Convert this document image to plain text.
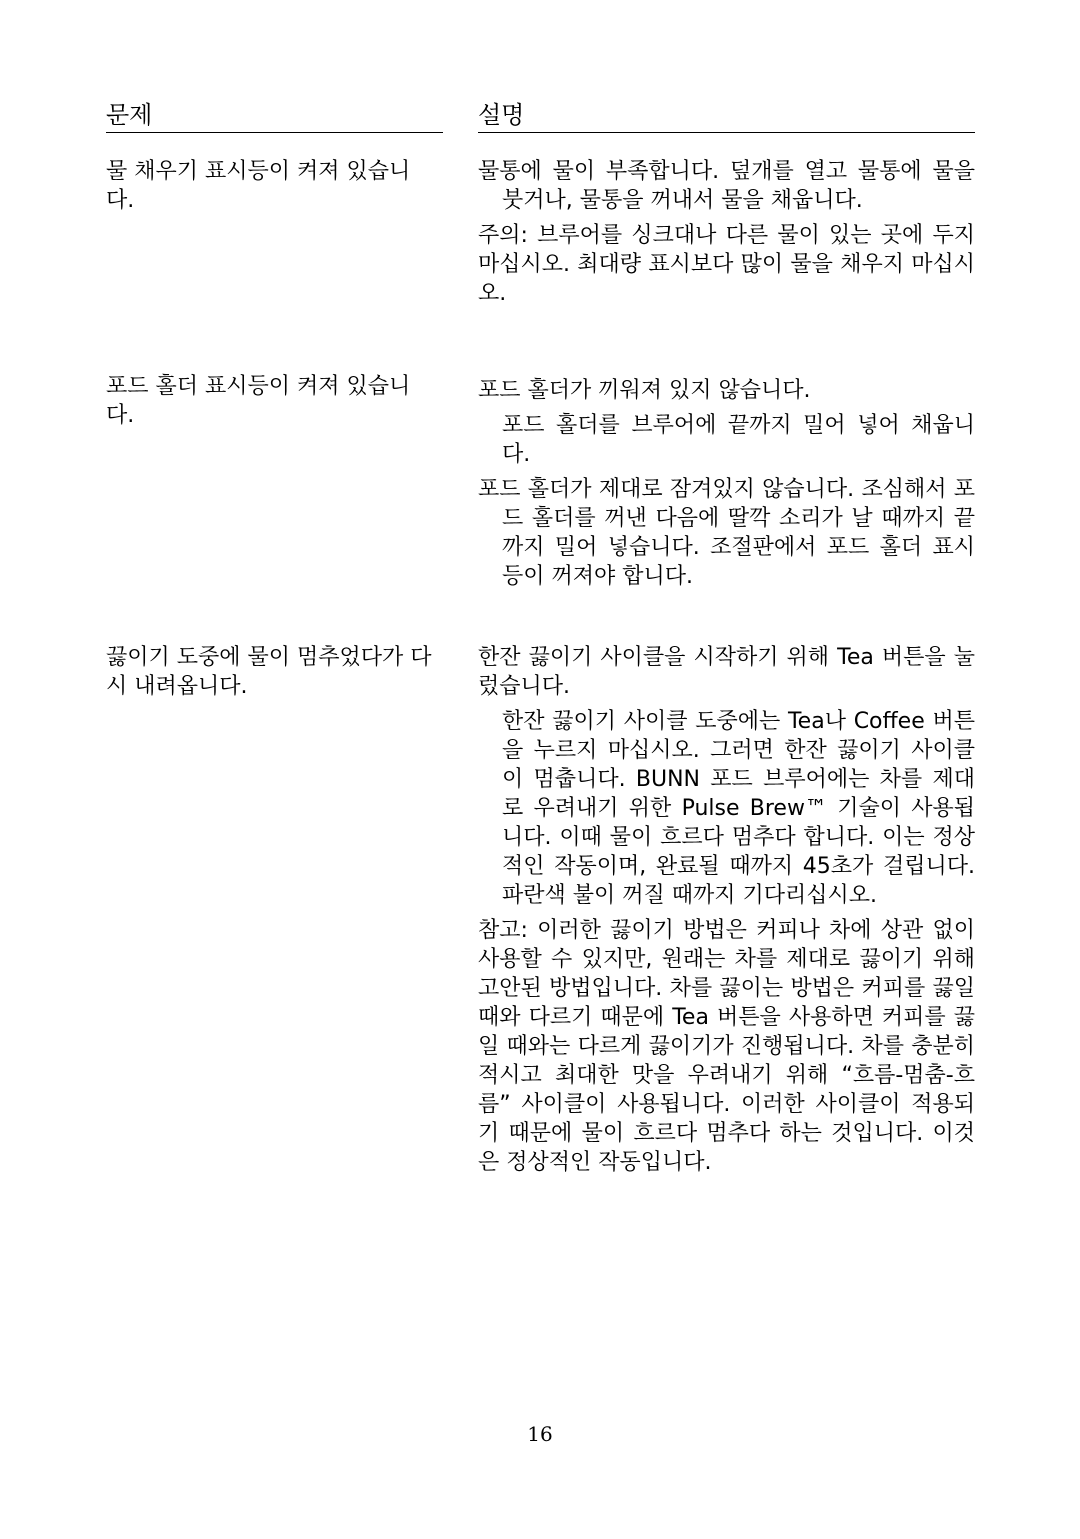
문제	설명
물 채우기 표시등이 켜져 있습니다.

물통에 물이 부족합니다. 덮개를 열고 물통에 물을 붓거나, 물통을 꺼내서 물을 채웁니다.

주의: 브루어를 싱크대나 다른 물이 있는 곳에 두지 마십시오. 최대량 표시보다 많이 물을 채우지 마십시오.

포드 홀더 표시등이 켜져 있습니다.

포드 홀더가 끼워져 있지 않습니다.

포드 홀더를 브루어에 끝까지 밀어 넣어 채웁니다.

포드 홀더가 제대로 잠겨있지 않습니다. 조심해서 포드 홀더를 꺼낸 다음에 딸깍 소리가 날 때까지 끝까지 밀어 넣습니다. 조절판에서 포드 홀더 표시등이 꺼져야 합니다.

끓이기 도중에 물이 멈추었다가 다시 내려옵니다.

한잔 끓이기 사이클을 시작하기 위해 Tea 버튼을 눌렀습니다.

한잔 끓이기 사이클 도중에는 Tea나 Coffee 버튼을 누르지 마십시오. 그러면 한잔 끓이기 사이클이 멈춥니다. BUNN 포드 브루어에는 차를 제대로 우려내기 위한 Pulse Brew™ 기술이 사용됩니다. 이때 물이 흐르다 멈추다 합니다. 이는 정상적인 작동이며, 완료될 때까지 45초가 걸립니다. 파란색 불이 꺼질 때까지 기다리십시오.

참고: 이러한 끓이기 방법은 커피나 차에 상관 없이 사용할 수 있지만, 원래는 차를 제대로 끓이기 위해 고안된 방법입니다. 차를 끓이는 방법은 커피를 끓일 때와 다르기 때문에 Tea 버튼을 사용하면 커피를 끓일 때와는 다르게 끓이기가 진행됩니다. 차를 충분히 적시고 최대한 맛을 우려내기 위해 “흐름-멈춤-흐름” 사이클이 사용됩니다. 이러한 사이클이 적용되기 때문에 물이 흐르다 멈추다 하는 것입니다. 이것은 정상적인 작동입니다.

16
